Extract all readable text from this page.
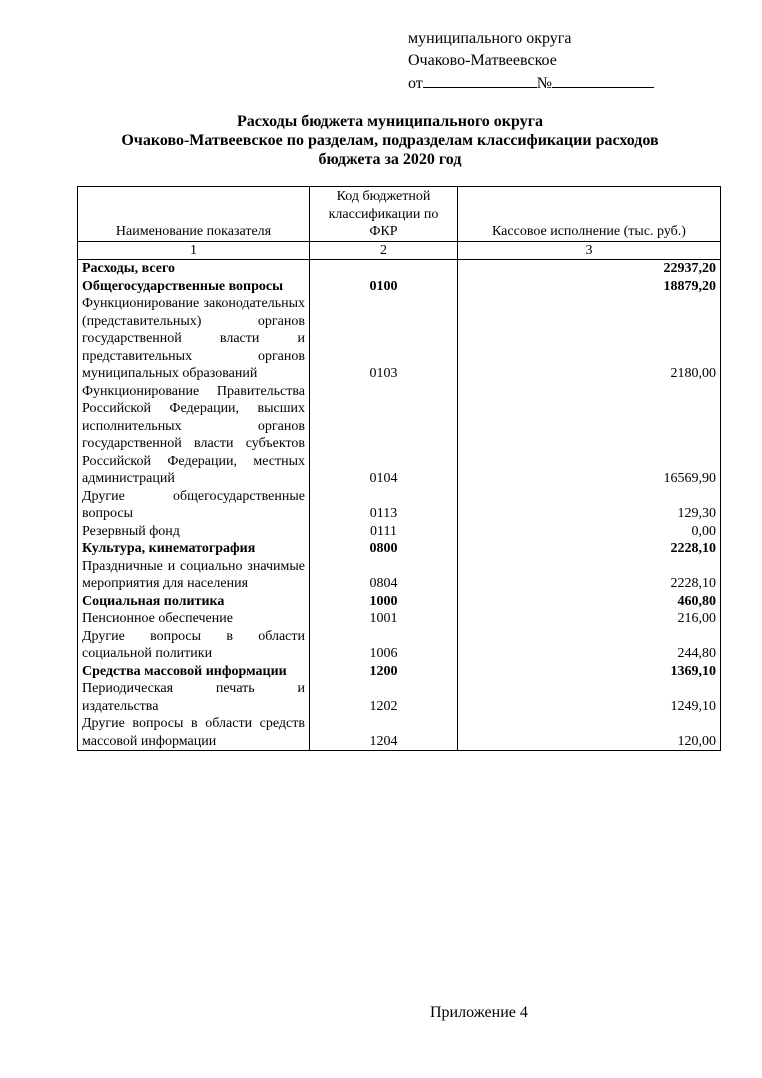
муниципального округа
Очаково-Матвеевское
от	№
Расходы бюджета муниципального округа
Очаково-Матвеевское по разделам, подразделам классификации расходов
бюджета за 2020 год
Наименование показателя	Код бюджетной классификации по ФКР	Кассовое исполнение (тыс. руб.)
1	2	3
Расходы, всего		22937,20
Общегосударственные вопросы	0100	18879,20
Функционирование законодательных (представительных) органов государственной власти и представительных органов муниципальных образований	0103	2180,00
Функционирование Правительства Российской Федерации, высших исполнительных органов государственной власти субъектов Российской Федерации, местных администраций	0104	16569,90
Другие общегосударственные вопросы	0113	129,30
Резервный фонд	0111	0,00
Культура, кинематография	0800	2228,10
Праздничные и социально значимые мероприятия для населения	0804	2228,10
Социальная политика	1000	460,80
Пенсионное обеспечение	1001	216,00
Другие вопросы в области социальной политики	1006	244,80
Средства массовой информации	1200	1369,10
Периодическая печать и издательства	1202	1249,10
Другие вопросы в области средств массовой информации	1204	120,00
Приложение 4
